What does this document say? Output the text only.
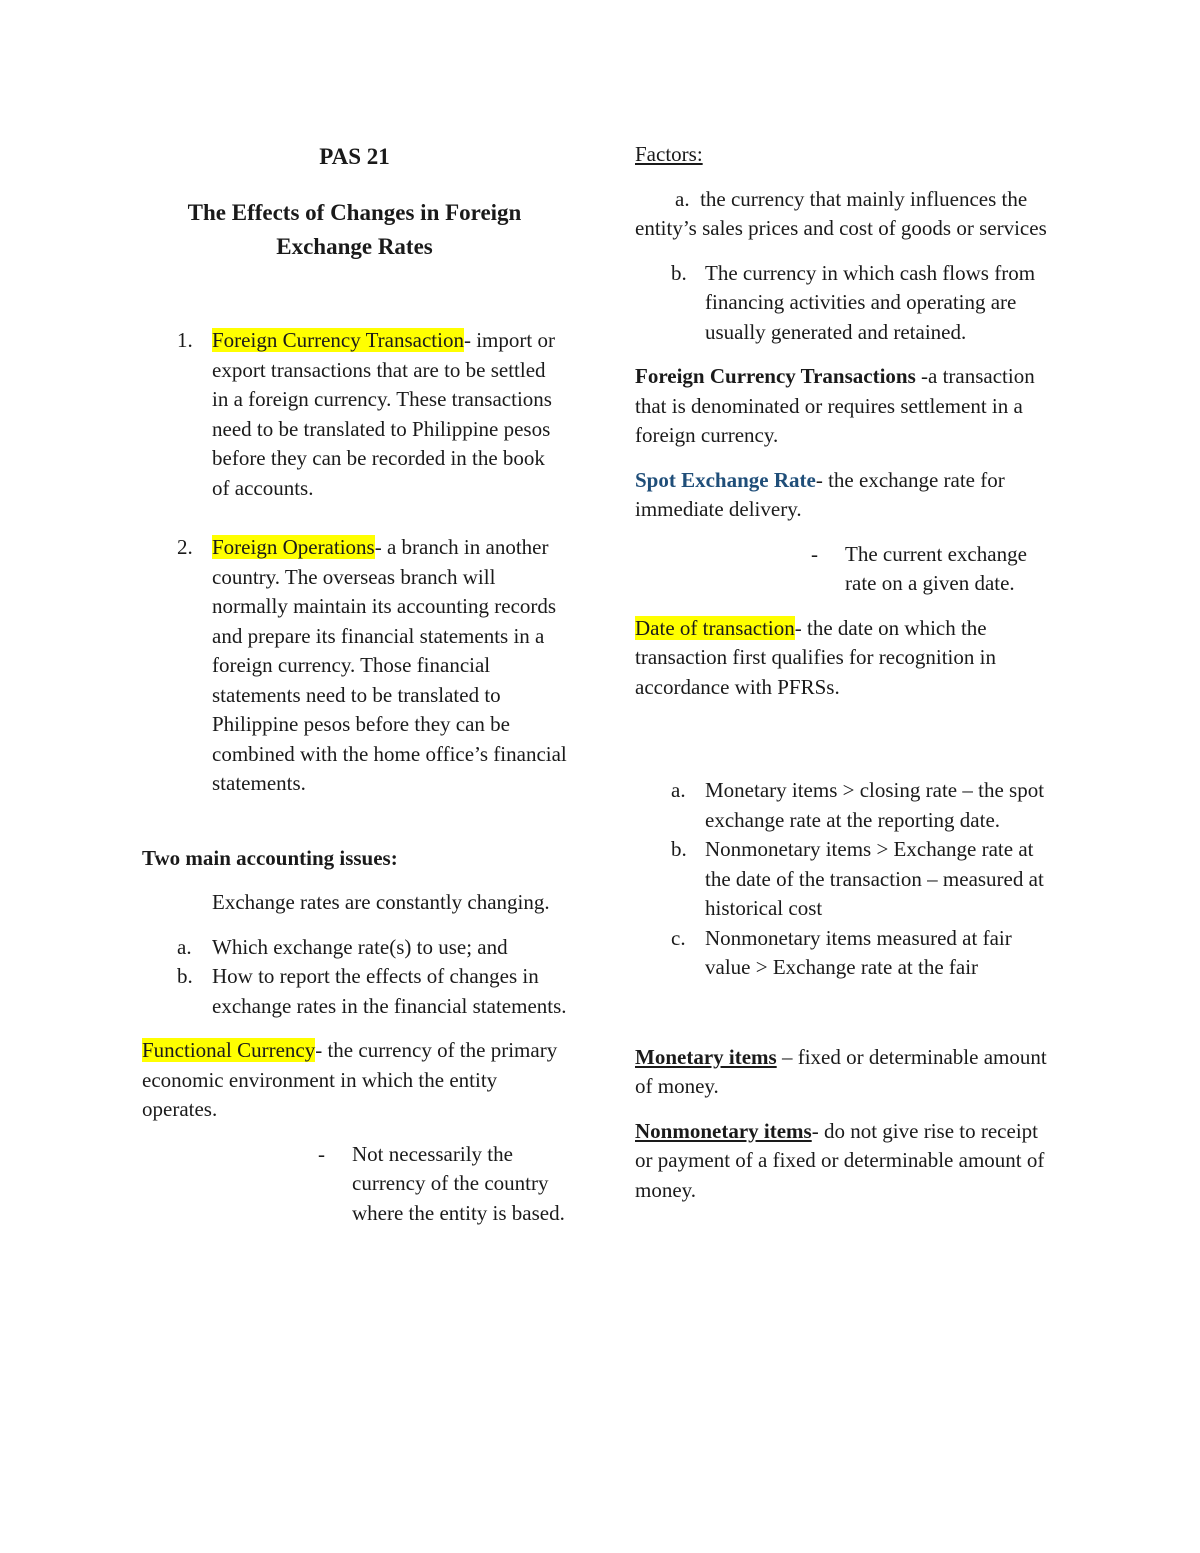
PAS 21
The Effects of Changes in Foreign
Exchange Rates

1. Foreign Currency Transaction- import or export transactions that are to be settled in a foreign currency. These transactions need to be translated to Philippine pesos before they can be recorded in the book of accounts.

2. Foreign Operations- a branch in another country. The overseas branch will normally maintain its accounting records and prepare its financial statements in a foreign currency. Those financial statements need to be translated to Philippine pesos before they can be combined with the home office’s financial statements.

Two main accounting issues:

Exchange rates are constantly changing.

a. Which exchange rate(s) to use; and

b. How to report the effects of changes in exchange rates in the financial statements.

Functional Currency- the currency of the primary economic environment in which the entity operates.

- Not necessarily the currency of the country where the entity is based.

Factors:

a. the currency that mainly influences the entity’s sales prices and cost of goods or services

b. The currency in which cash flows from financing activities and operating are usually generated and retained.

Foreign Currency Transactions -a transaction that is denominated or requires settlement in a foreign currency.

Spot Exchange Rate- the exchange rate for immediate delivery.

- The current exchange rate on a given date.

Date of transaction- the date on which the transaction first qualifies for recognition in accordance with PFRSs.

a. Monetary items > closing rate – the spot exchange rate at the reporting date.

b. Nonmonetary items > Exchange rate at the date of the transaction – measured at historical cost

c. Nonmonetary items measured at fair value > Exchange rate at the fair

Monetary items – fixed or determinable amount of money.

Nonmonetary items- do not give rise to receipt or payment of a fixed or determinable amount of money.
